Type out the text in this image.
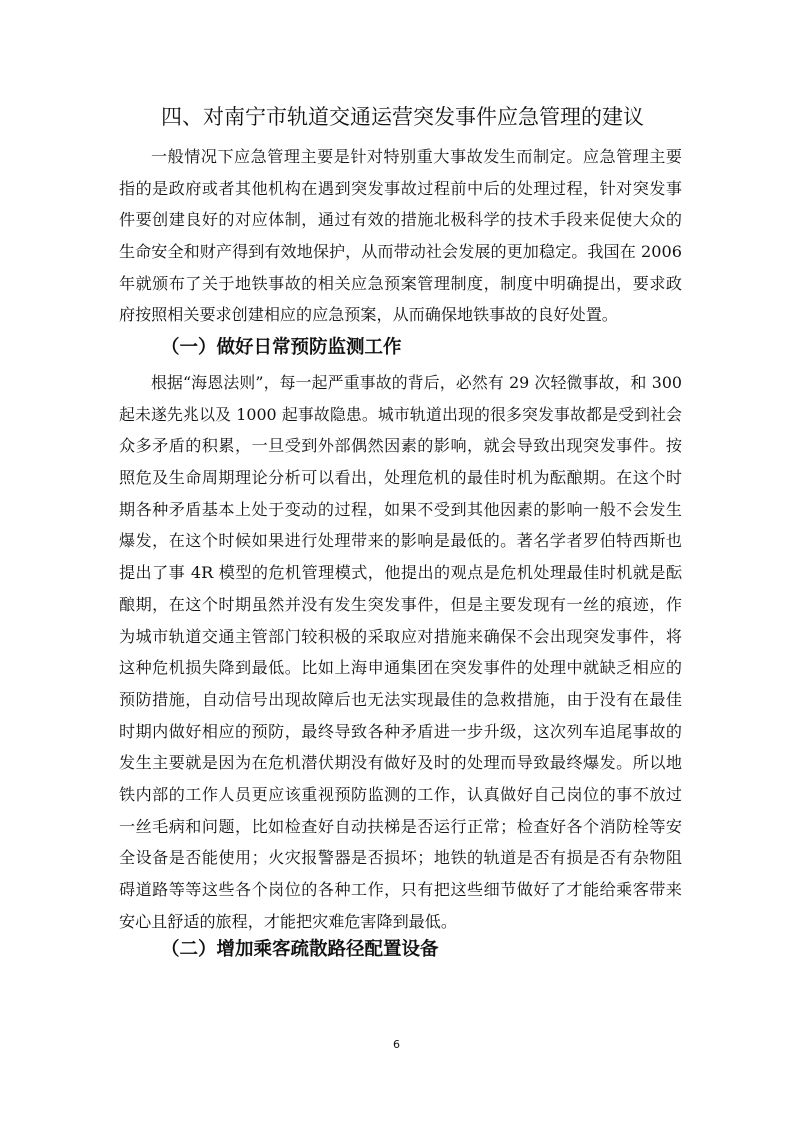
四、对南宁市轨道交通运营突发事件应急管理的建议
一般情况下应急管理主要是针对特别重大事故发生而制定。应急管理主要
指的是政府或者其他机构在遇到突发事故过程前中后的处理过程，针对突发事
件要创建良好的对应体制，通过有效的措施北极科学的技术手段来促使大众的
生命安全和财产得到有效地保护，从而带动社会发展的更加稳定。我国在 2006
年就颁布了关于地铁事故的相关应急预案管理制度，制度中明确提出，要求政
府按照相关要求创建相应的应急预案，从而确保地铁事故的良好处置。
（一）做好日常预防监测工作
根据“海恩法则”，每一起严重事故的背后，必然有 29 次轻微事故，和 300
起未遂先兆以及 1000 起事故隐患。城市轨道出现的很多突发事故都是受到社会
众多矛盾的积累，一旦受到外部偶然因素的影响，就会导致出现突发事件。按
照危及生命周期理论分析可以看出，处理危机的最佳时机为酝酿期。在这个时
期各种矛盾基本上处于变动的过程，如果不受到其他因素的影响一般不会发生
爆发，在这个时候如果进行处理带来的影响是最低的。著名学者罗伯特西斯也
提出了事 4R 模型的危机管理模式，他提出的观点是危机处理最佳时机就是酝
酿期，在这个时期虽然并没有发生突发事件，但是主要发现有一丝的痕迹，作
为城市轨道交通主管部门较积极的采取应对措施来确保不会出现突发事件，将
这种危机损失降到最低。比如上海申通集团在突发事件的处理中就缺乏相应的
预防措施，自动信号出现故障后也无法实现最佳的急救措施，由于没有在最佳
时期内做好相应的预防，最终导致各种矛盾进一步升级，这次列车追尾事故的
发生主要就是因为在危机潜伏期没有做好及时的处理而导致最终爆发。所以地
铁内部的工作人员更应该重视预防监测的工作，认真做好自己岗位的事不放过
一丝毛病和问题，比如检查好自动扶梯是否运行正常；检查好各个消防栓等安
全设备是否能使用；火灾报警器是否损坏；地铁的轨道是否有损是否有杂物阻
碍道路等等这些各个岗位的各种工作，只有把这些细节做好了才能给乘客带来
安心且舒适的旅程，才能把灾难危害降到最低。
（二）增加乘客疏散路径配置设备
6
